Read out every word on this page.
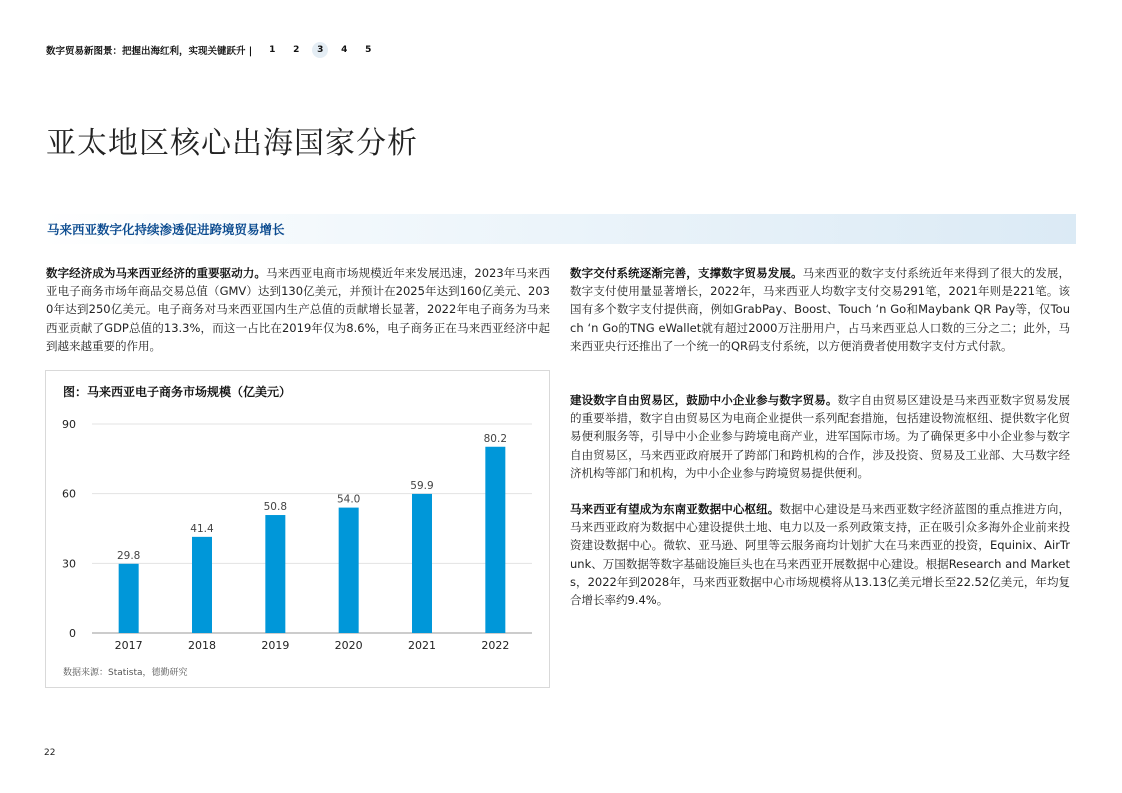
数字贸易新图景：把握出海红利，实现关键跃升 |	1	2	3	4	5
亚太地区核心出海国家分析
马来西亚数字化持续渗透促进跨境贸易增长

数字经济成为马来西亚经济的重要驱动力。马来西亚电商市场规模近年来发展迅速，2023年马来西亚电子商务市场年商品交易总值（GMV）达到130亿美元，并预计在2025年达到160亿美元、2030年达到250亿美元。电子商务对马来西亚国内生产总值的贡献增长显著，2022年电子商务为马来西亚贡献了GDP总值的13.3%，而这一占比在2019年仅为8.6%，电子商务正在马来西亚经济中起到越来越重要的作用。

图：马来西亚电子商务市场规模（亿美元）
0
30
60
90
29.8
2017
41.4
2018
50.8
2019
54.0
2020
59.9
2021
80.2
2022
数据来源：Statista，德勤研究

数字交付系统逐渐完善，支撑数字贸易发展。马来西亚的数字支付系统近年来得到了很大的发展，数字支付使用量显著增长，2022年，马来西亚人均数字支付交易291笔，2021年则是221笔。该国有多个数字支付提供商，例如GrabPay、Boost、Touch ‘n Go和Maybank QR Pay等，仅Touch ‘n Go的TNG eWallet就有超过2000万注册用户，占马来西亚总人口数的三分之二；此外，马来西亚央行还推出了一个统一的QR码支付系统，以方便消费者使用数字支付方式付款。

建设数字自由贸易区，鼓励中小企业参与数字贸易。数字自由贸易区建设是马来西亚数字贸易发展的重要举措，数字自由贸易区为电商企业提供一系列配套措施，包括建设物流枢纽、提供数字化贸易便利服务等，引导中小企业参与跨境电商产业，进军国际市场。为了确保更多中小企业参与数字自由贸易区，马来西亚政府展开了跨部门和跨机构的合作，涉及投资、贸易及工业部、大马数字经济机构等部门和机构，为中小企业参与跨境贸易提供便利。

马来西亚有望成为东南亚数据中心枢纽。数据中心建设是马来西亚数字经济蓝图的重点推进方向，马来西亚政府为数据中心建设提供土地、电力以及一系列政策支持，正在吸引众多海外企业前来投资建设数据中心。微软、亚马逊、阿里等云服务商均计划扩大在马来西亚的投资，Equinix、AirTrunk、万国数据等数字基础设施巨头也在马来西亚开展数据中心建设。根据Research and Markets，2022年到2028年，马来西亚数据中心市场规模将从13.13亿美元增长至22.52亿美元，年均复合增长率约9.4%。

22
